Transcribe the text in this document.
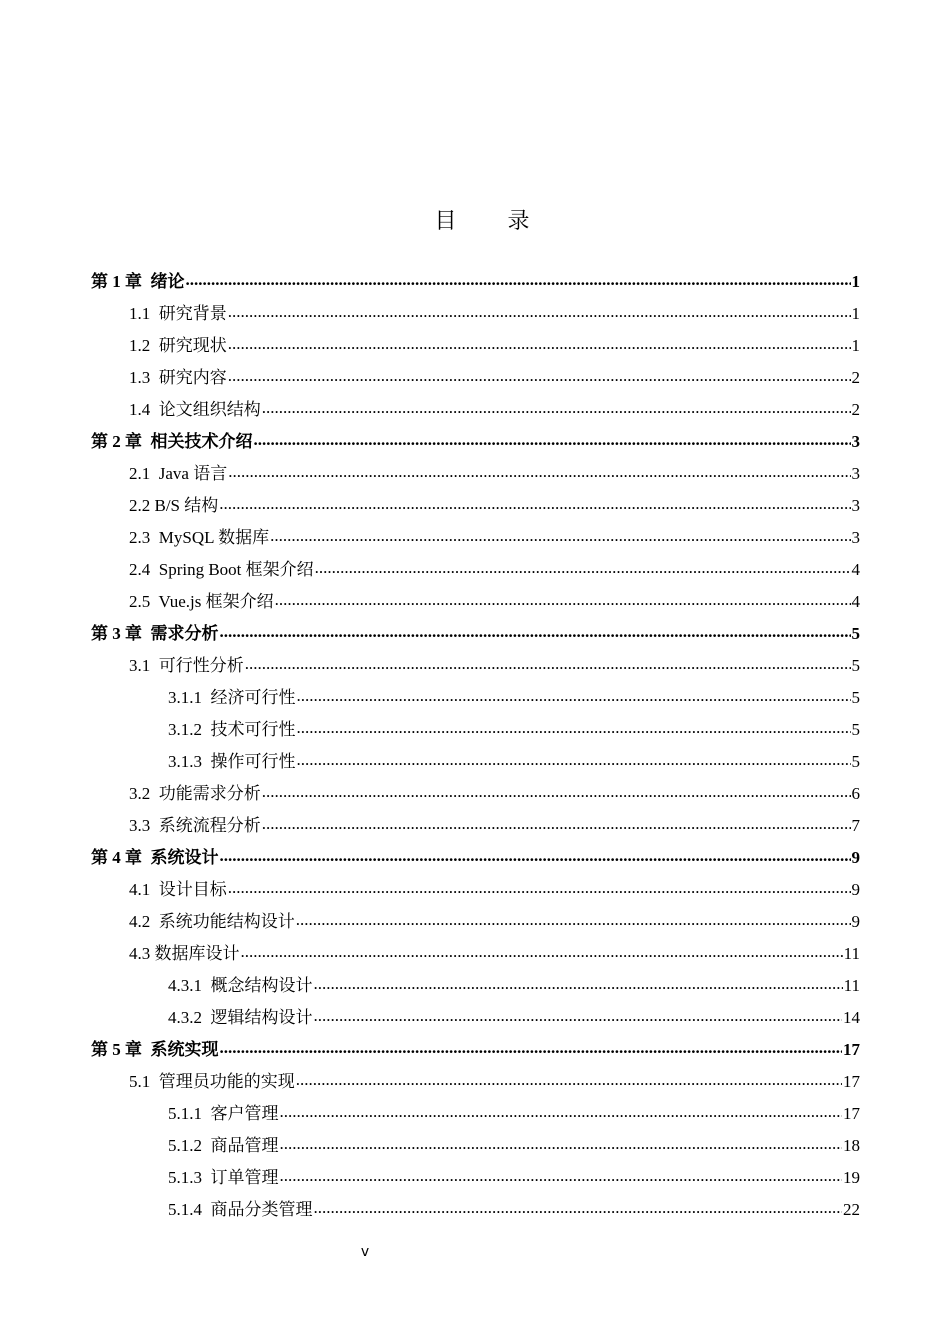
目 录
第 1 章  绪论 .....	1
1.1  研究背景 .....	1
1.2  研究现状 .....	1
1.3  研究内容 .....	2
1.4  论文组织结构 .....	2
第 2 章  相关技术介绍 .....	3
2.1  Java 语言 .....	3
2.2 B/S 结构 .....	3
2.3  MySQL 数据库 .....	3
2.4  Spring Boot 框架介绍 .....	4
2.5  Vue.js 框架介绍 .....	4
第 3 章  需求分析 .....	5
3.1  可行性分析 .....	5
3.1.1  经济可行性 .....	5
3.1.2  技术可行性 .....	5
3.1.3  操作可行性 .....	5
3.2  功能需求分析 .....	6
3.3  系统流程分析 .....	7
第 4 章  系统设计 .....	9
4.1  设计目标 .....	9
4.2  系统功能结构设计 .....	9
4.3 数据库设计 .....	11
4.3.1  概念结构设计 .....	11
4.3.2  逻辑结构设计 .....	14
第 5 章  系统实现 .....	17
5.1  管理员功能的实现 .....	17
5.1.1  客户管理 .....	17
5.1.2  商品管理 .....	18
5.1.3  订单管理 .....	19
5.1.4  商品分类管理 .....	22
v
